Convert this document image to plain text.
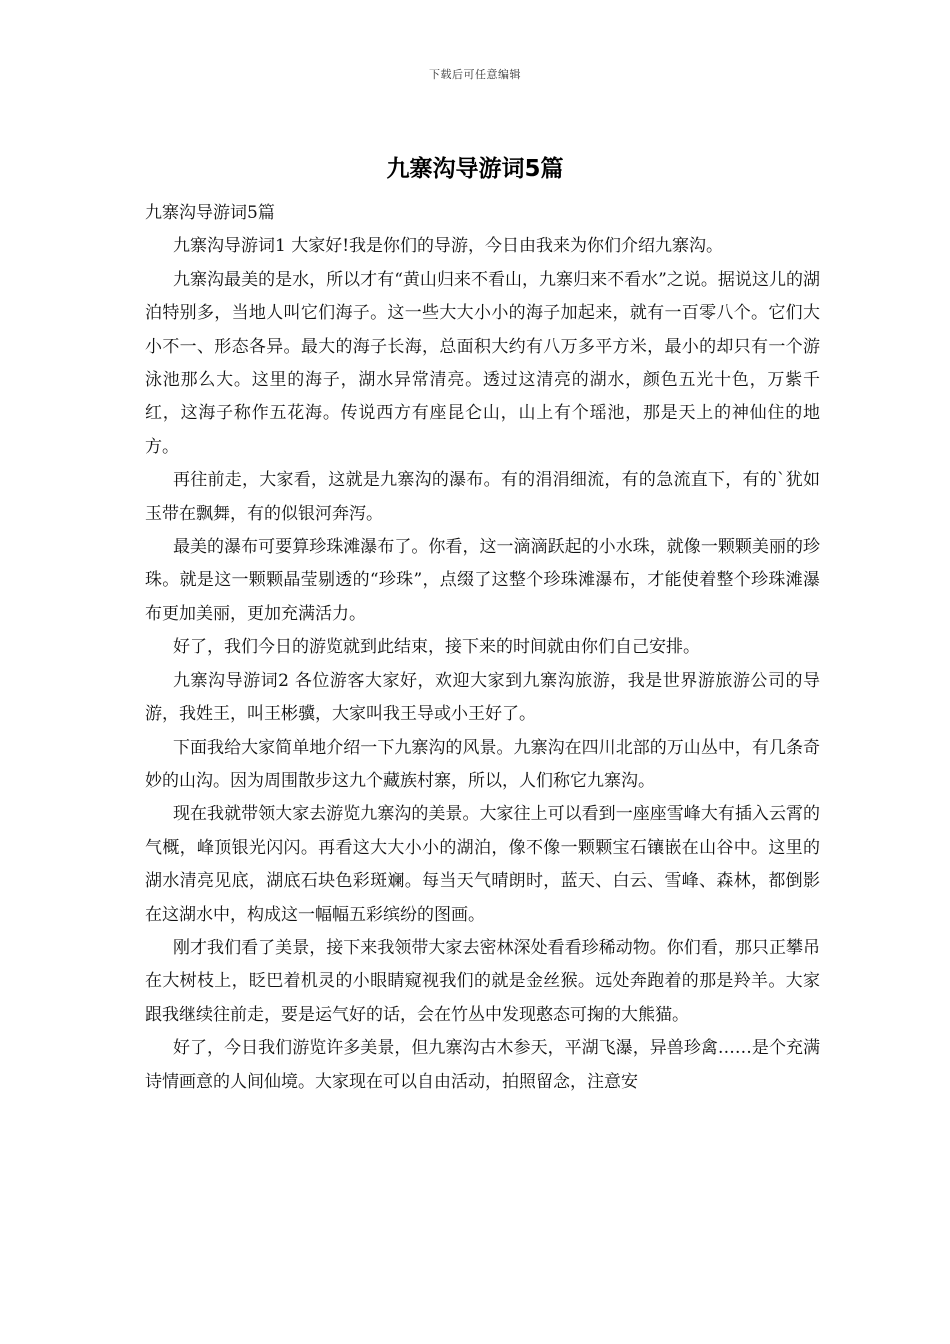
下载后可任意编辑
九寨沟导游词5篇

九寨沟导游词5篇

九寨沟导游词1 大家好!我是你们的导游，今日由我来为你们介绍九寨沟。

九寨沟最美的是水，所以才有“黄山归来不看山，九寨归来不看水”之说。据说这儿的湖泊特别多，当地人叫它们海子。这一些大大小小的海子加起来，就有一百零八个。它们大小不一、形态各异。最大的海子长海，总面积大约有八万多平方米，最小的却只有一个游泳池那么大。这里的海子，湖水异常清亮。透过这清亮的湖水，颜色五光十色，万紫千红，这海子称作五花海。传说西方有座昆仑山，山上有个瑶池，那是天上的神仙住的地方。

再往前走，大家看，这就是九寨沟的瀑布。有的涓涓细流，有的急流直下，有的`犹如玉带在飘舞，有的似银河奔泻。

最美的瀑布可要算珍珠滩瀑布了。你看，这一滴滴跃起的小水珠，就像一颗颗美丽的珍珠。就是这一颗颗晶莹剔透的“珍珠”，点缀了这整个珍珠滩瀑布，才能使着整个珍珠滩瀑布更加美丽，更加充满活力。

好了，我们今日的游览就到此结束，接下来的时间就由你们自己安排。

九寨沟导游词2 各位游客大家好，欢迎大家到九寨沟旅游，我是世界游旅游公司的导游，我姓王，叫王彬骥，大家叫我王导或小王好了。

下面我给大家简单地介绍一下九寨沟的风景。九寨沟在四川北部的万山丛中，有几条奇妙的山沟。因为周围散步这九个藏族村寨，所以，人们称它九寨沟。

现在我就带领大家去游览九寨沟的美景。大家往上可以看到一座座雪峰大有插入云霄的气概，峰顶银光闪闪。再看这大大小小的湖泊，像不像一颗颗宝石镶嵌在山谷中。这里的湖水清亮见底，湖底石块色彩斑斓。每当天气晴朗时，蓝天、白云、雪峰、森林，都倒影在这湖水中，构成这一幅幅五彩缤纷的图画。

刚才我们看了美景，接下来我领带大家去密林深处看看珍稀动物。你们看，那只正攀吊在大树枝上，眨巴着机灵的小眼睛窥视我们的就是金丝猴。远处奔跑着的那是羚羊。大家跟我继续往前走，要是运气好的话，会在竹丛中发现憨态可掬的大熊猫。

好了，今日我们游览许多美景，但九寨沟古木参天，平湖飞瀑，异兽珍禽……是个充满诗情画意的人间仙境。大家现在可以自由活动，拍照留念，注意安
